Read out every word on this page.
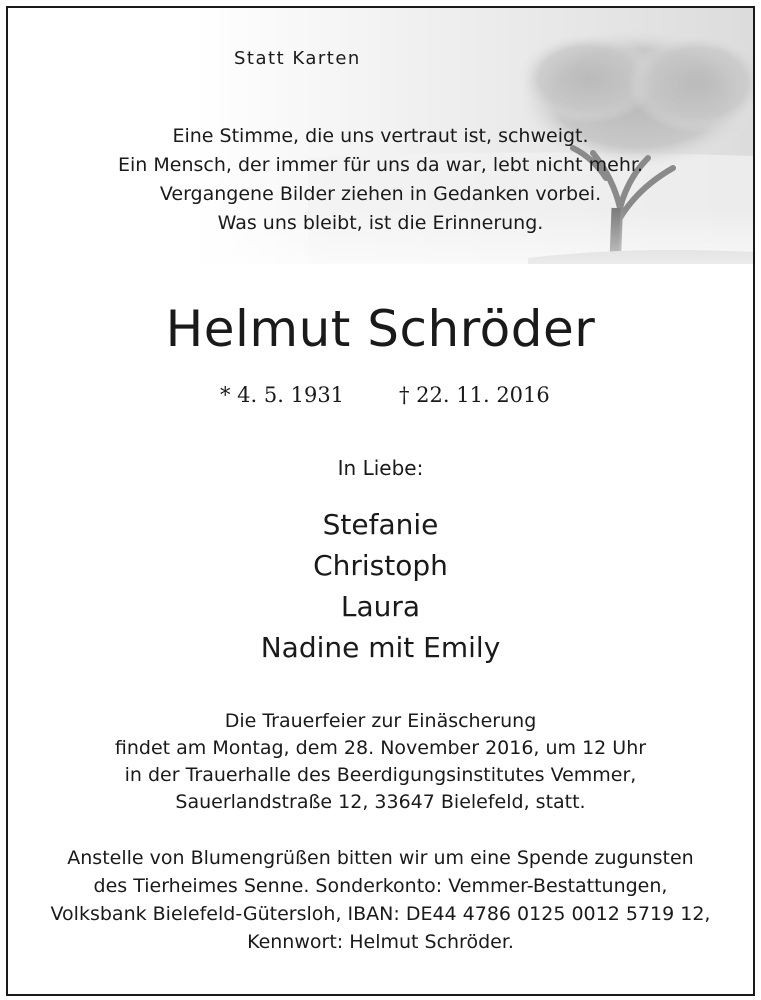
Statt Karten
Eine Stimme, die uns vertraut ist, schweigt.
Ein Mensch, der immer für uns da war, lebt nicht mehr.
Vergangene Bilder ziehen in Gedanken vorbei.
Was uns bleibt, ist die Erinnerung.
Helmut Schröder
* 4. 5. 1931	† 22. 11. 2016
In Liebe:
Stefanie
Christoph
Laura
Nadine mit Emily
Die Trauerfeier zur Einäscherung
findet am Montag, dem 28. November 2016, um 12 Uhr
in der Trauerhalle des Beerdigungsinstitutes Vemmer,
Sauerlandstraße 12, 33647 Bielefeld, statt.
Anstelle von Blumengrüßen bitten wir um eine Spende zugunsten
des Tierheimes Senne. Sonderkonto: Vemmer-Bestattungen,
Volksbank Bielefeld-Gütersloh, IBAN: DE44 4786 0125 0012 5719 12,
Kennwort: Helmut Schröder.
